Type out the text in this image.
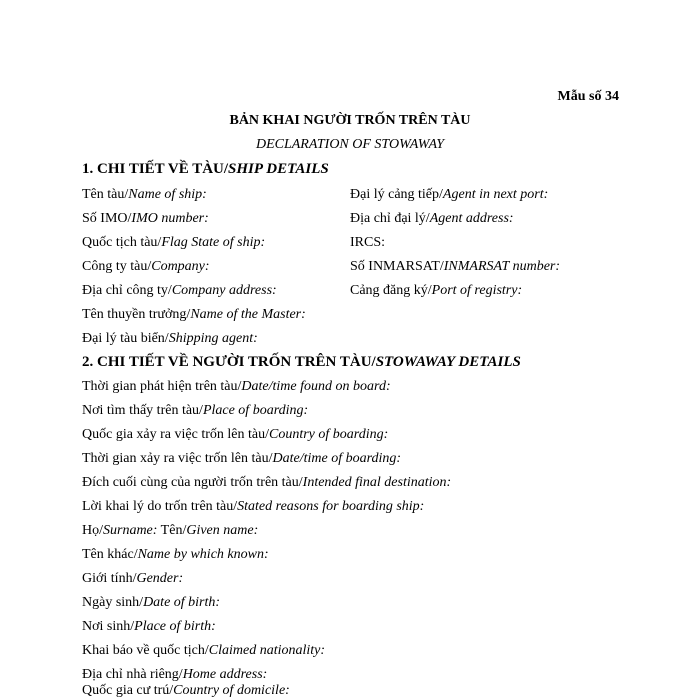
Mẫu số 34
BẢN KHAI NGƯỜI TRỐN TRÊN TÀU
DECLARATION OF STOWAWAY
1. CHI TIẾT VỀ TÀU/SHIP DETAILS
Tên tàu/Name of ship:
Số IMO/IMO number:
Quốc tịch tàu/Flag State of ship:
Công ty tàu/Company:
Địa chỉ công ty/Company address:
Tên thuyền trưởng/Name of the Master:
Đại lý tàu biển/Shipping agent:
Đại lý cảng tiếp/Agent in next port:
Địa chỉ đại lý/Agent address:
IRCS:
Số INMARSAT/INMARSAT number:
Cảng đăng ký/Port of registry:
2. CHI TIẾT VỀ NGƯỜI TRỐN TRÊN TÀU/STOWAWAY DETAILS
Thời gian phát hiện trên tàu/Date/time found on board:
Nơi tìm thấy trên tàu/Place of boarding:
Quốc gia xảy ra việc trốn lên tàu/Country of boarding:
Thời gian xảy ra việc trốn lên tàu/Date/time of boarding:
Đích cuối cùng của người trốn trên tàu/Intended final destination:
Lời khai lý do trốn trên tàu/Stated reasons for boarding ship:
Họ/Surname: Tên/Given name:
Tên khác/Name by which known:
Giới tính/Gender:
Ngày sinh/Date of birth:
Nơi sinh/Place of birth:
Khai báo về quốc tịch/Claimed nationality:
Địa chỉ nhà riêng/Home address:
Quốc gia cư trú/Country of domicile:
